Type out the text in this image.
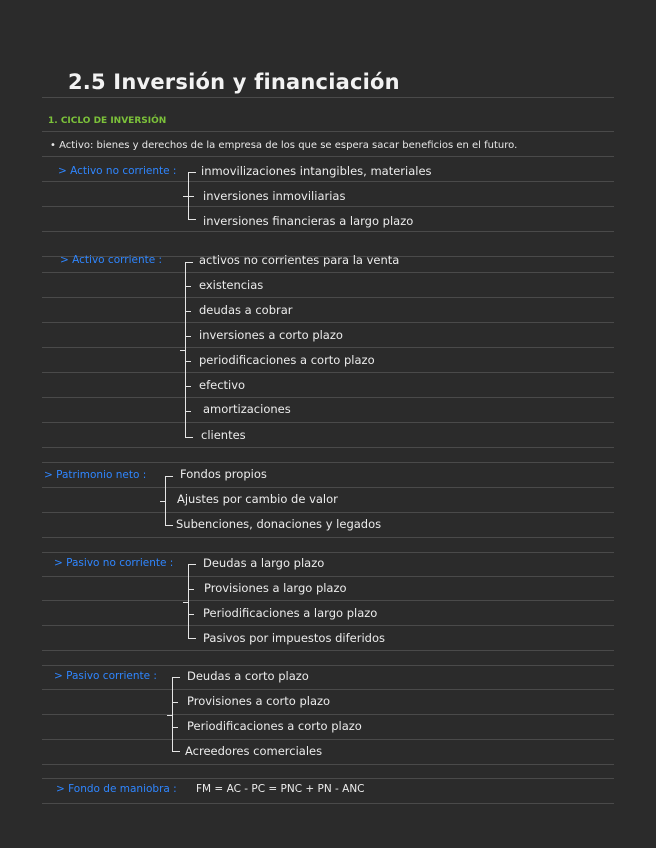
2.5 Inversión y financiación
1. CICLO DE INVERSIÓN
• Activo: bienes y derechos de la empresa de los que se espera sacar beneficios en el futuro.
> Activo no corriente : inmovilizaciones intangibles, materiales
inversiones inmoviliarias
inversiones financieras a largo plazo
> Activo corriente :	activos no corrientes para la venta
existencias
deudas a cobrar
inversiones a corto plazo
periodificaciones a corto plazo
efectivo
amortizaciones
clientes
> Patrimonio neto :	Fondos propios
Ajustes por cambio de valor
Subenciones, donaciones y legados
> Pasivo no corriente :	Deudas a largo plazo
Provisiones a largo plazo
Periodificaciones a largo plazo
Pasivos por impuestos diferidos
> Pasivo corriente :	Deudas a corto plazo
Provisiones a corto plazo
Periodificaciones a corto plazo
Acreedores comerciales
> Fondo de maniobra : FM = AC - PC = PNC + PN - ANC
